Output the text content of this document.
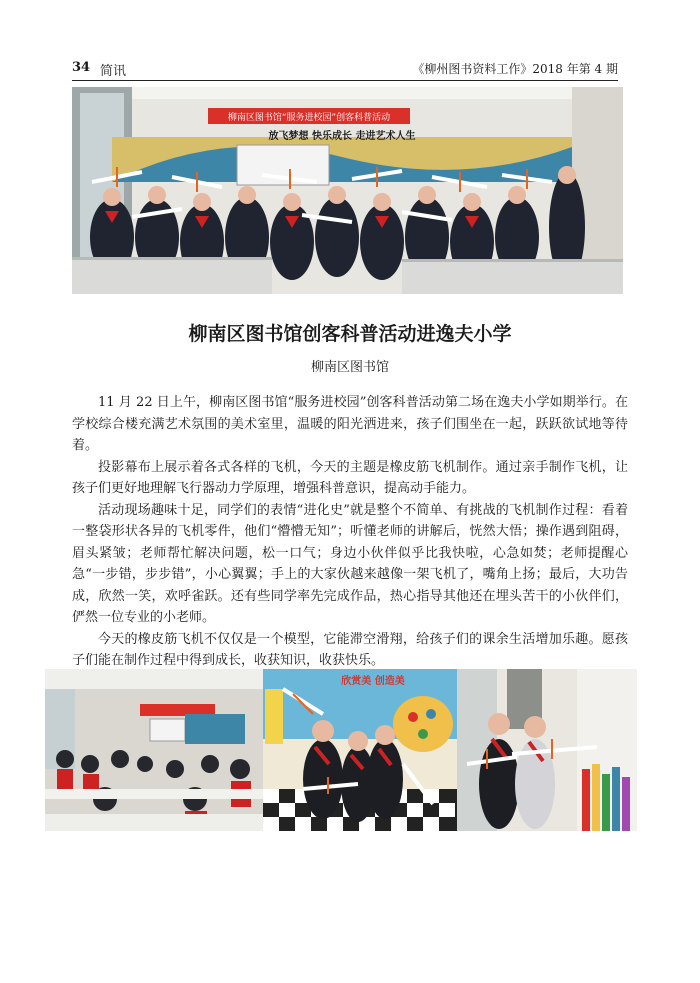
34 简讯	《柳州图书资料工作》2018 年第 4 期
柳南区图书馆“服务进校园”创客科普活动
放飞梦想 快乐成长 走进艺术人生
柳南区图书馆创客科普活动进逸夫小学
柳南区图书馆

11 月 22 日上午，柳南区图书馆“服务进校园”创客科普活动第二场在逸夫小学如期举行。在学校综合楼充满艺术氛围的美术室里，温暖的阳光洒进来，孩子们围坐在一起，跃跃欲试地等待着。

投影幕布上展示着各式各样的飞机，今天的主题是橡皮筋飞机制作。通过亲手制作飞机，让孩子们更好地理解飞行器动力学原理，增强科普意识，提高动手能力。

活动现场趣味十足，同学们的表情“进化史”就是整个不简单、有挑战的飞机制作过程：看着一整袋形状各异的飞机零件，他们“懵懵无知”；听懂老师的讲解后，恍然大悟；操作遇到阻碍，眉头紧皱；老师帮忙解决问题，松一口气；身边小伙伴似乎比我快啦，心急如焚；老师提醒心急“一步错，步步错”，小心翼翼；手上的大家伙越来越像一架飞机了，嘴角上扬；最后，大功告成，欣然一笑，欢呼雀跃。还有些同学率先完成作品，热心指导其他还在埋头苦干的小伙伴们，俨然一位专业的小老师。

今天的橡皮筋飞机不仅仅是一个模型，它能滞空滑翔，给孩子们的课余生活增加乐趣。愿孩子们能在制作过程中得到成长，收获知识，收获快乐。

欣赏美 创造美
